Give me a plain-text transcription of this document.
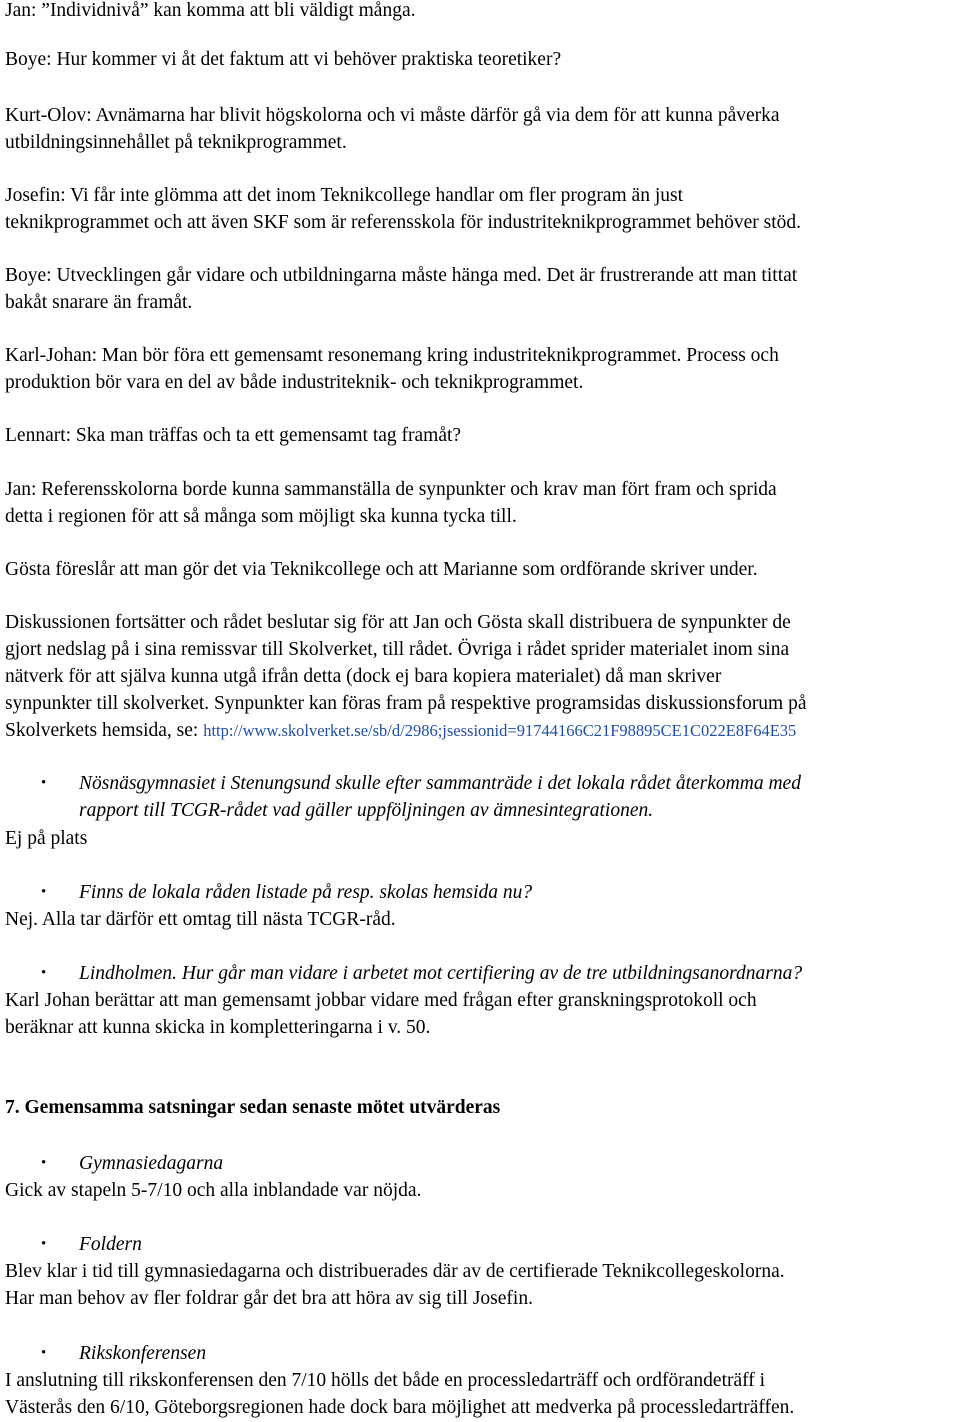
Jan: ”Individnivå” kan komma att bli väldigt många.

Boye: Hur kommer vi åt det faktum att vi behöver praktiska teoretiker?

Kurt-Olov: Avnämarna har blivit högskolorna och vi måste därför gå via dem för att kunna påverka
utbildningsinnehållet på teknikprogrammet.

Josefin: Vi får inte glömma att det inom Teknikcollege handlar om fler program än just
teknikprogrammet och att även SKF som är referensskola för industriteknikprogrammet behöver stöd.

Boye: Utvecklingen går vidare och utbildningarna måste hänga med. Det är frustrerande att man tittat
bakåt snarare än framåt.

Karl-Johan: Man bör föra ett gemensamt resonemang kring industriteknikprogrammet. Process och
produktion bör vara en del av både industriteknik- och teknikprogrammet.

Lennart: Ska man träffas och ta ett gemensamt tag framåt?

Jan: Referensskolorna borde kunna sammanställa de synpunkter och krav man fört fram och sprida
detta i regionen för att så många som möjligt ska kunna tycka till.

Gösta föreslår att man gör det via Teknikcollege och att Marianne som ordförande skriver under.

Diskussionen fortsätter och rådet beslutar sig för att Jan och Gösta skall distribuera de synpunkter de
gjort nedslag på i sina remissvar till Skolverket, till rådet. Övriga i rådet sprider materialet inom sina
nätverk för att själva kunna utgå ifrån detta (dock ej bara kopiera materialet) då man skriver
synpunkter till skolverket. Synpunkter kan föras fram på respektive programsidas diskussionsforum på
Skolverkets hemsida, se: http://www.skolverket.se/sb/d/2986;jsessionid=91744166C21F98895CE1C022E8F64E35

• Nösnäsgymnasiet i Stenungsund skulle efter sammanträde i det lokala rådet återkomma med
rapport till TCGR-rådet vad gäller uppföljningen av ämnesintegrationen.

Ej på plats

• Finns de lokala råden listade på resp. skolas hemsida nu?

Nej. Alla tar därför ett omtag till nästa TCGR-råd.

• Lindholmen. Hur går man vidare i arbetet mot certifiering av de tre utbildningsanordnarna?

Karl Johan berättar att man gemensamt jobbar vidare med frågan efter granskningsprotokoll och
beräknar att kunna skicka in kompletteringarna i v. 50.

7. Gemensamma satsningar sedan senaste mötet utvärderas
• Gymnasiedagarna

Gick av stapeln 5-7/10 och alla inblandade var nöjda.

• Foldern

Blev klar i tid till gymnasiedagarna och distribuerades där av de certifierade Teknikcollegeskolorna.
Har man behov av fler foldrar går det bra att höra av sig till Josefin.

• Rikskonferensen

I anslutning till rikskonferensen den 7/10 hölls det både en processledarträff och ordförandeträff i
Västerås den 6/10, Göteborgsregionen hade dock bara möjlighet att medverka på processledarträffen.
